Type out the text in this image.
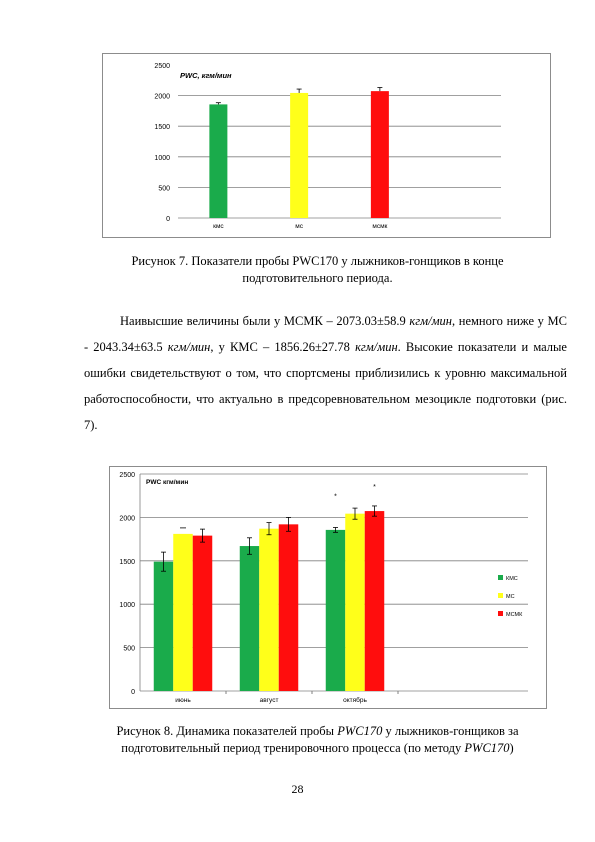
0
500
1000
1500
2000
2500
PWC, кгм/мин
кмс	мс	мсмк
Рисунок 7. Показатели пробы PWC170 у лыжников-гонщиков в конце подготовительного периода.

Наивысшие величины были у МСМК – 2073.03±58.9 кгм/мин, немного ниже у МС - 2043.34±63.5 кгм/мин, у КМС – 1856.26±27.78 кгм/мин. Высокие показатели и малые ошибки свидетельствуют о том, что спортсмены приблизились к уровню максимальной работоспособности, что актуально в предсоревновательном мезоцикле подготовки (рис. 7).

0
500
1000
1500
2000
2500
PWC кгм/мин
июнь	август	октябрь
*
*
КМС
МС
МСМК
Рисунок 8. Динамика показателей пробы PWC170 у лыжников-гонщиков за подготовительный период тренировочного процесса (по методу PWC170)
28
